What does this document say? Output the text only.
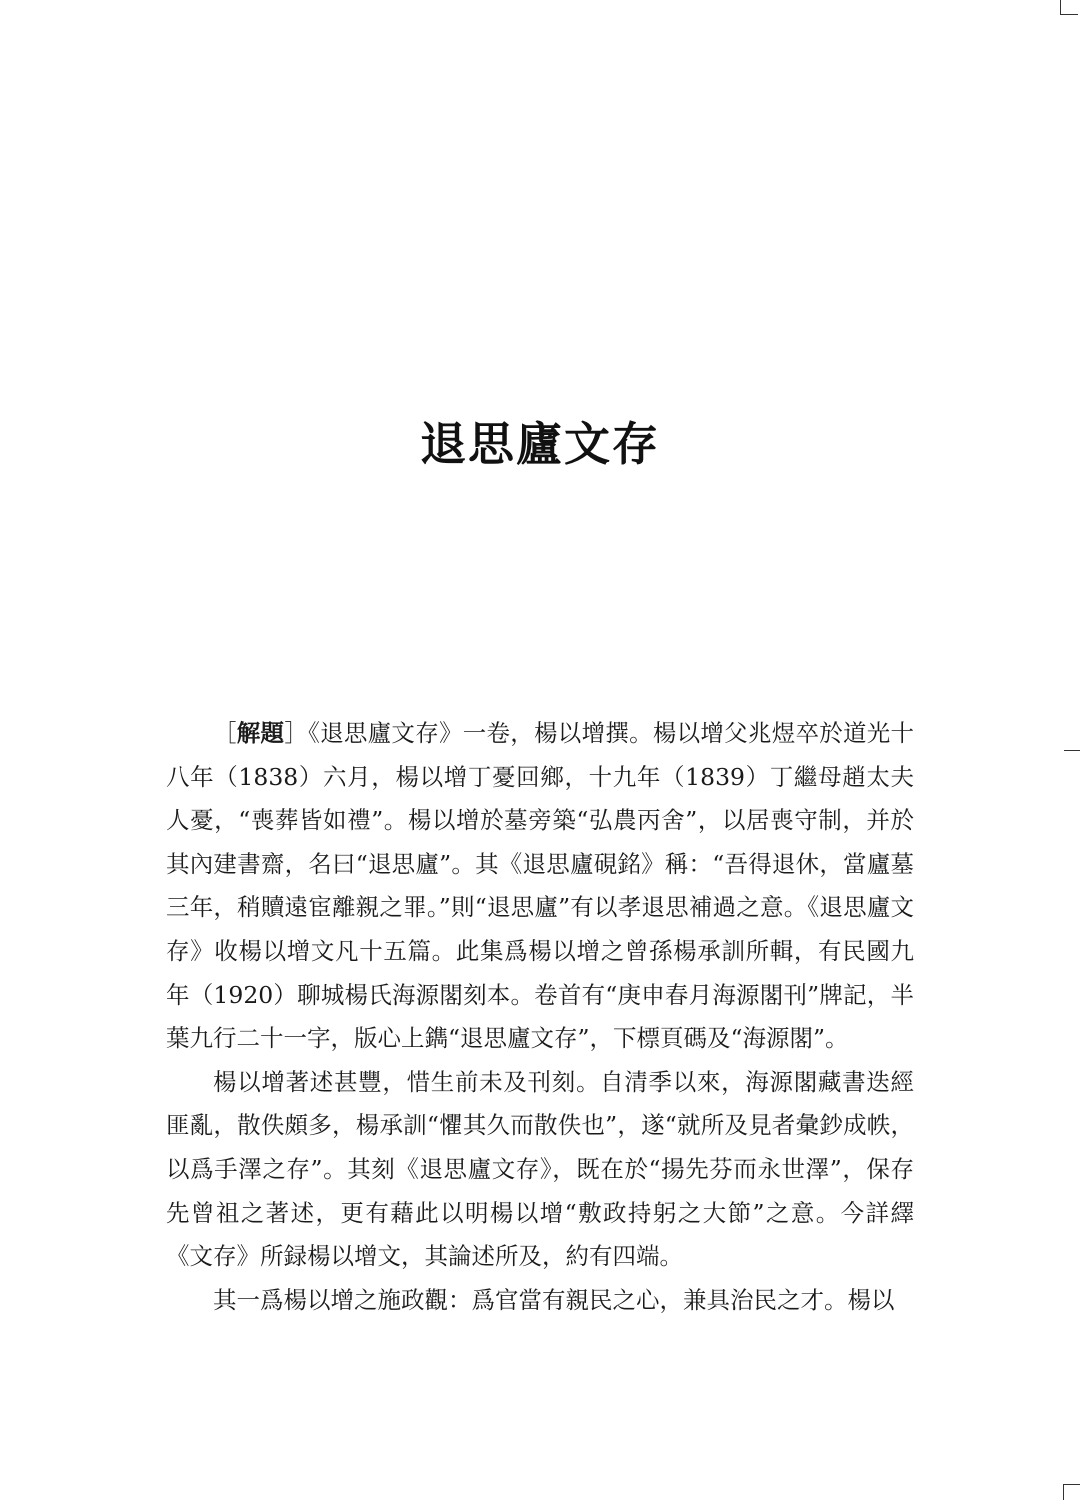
退思廬文存

［解題］《退思廬文存》一卷，楊以增撰。楊以增父兆煜卒於道光十八年（1838）六月，楊以增丁憂回鄉，十九年（1839）丁繼母趙太夫人憂，“喪葬皆如禮”。楊以增於墓旁築“弘農丙舍”，以居喪守制，并於其內建書齋，名曰“退思廬”。其《退思廬硯銘》稱：“吾得退休，當廬墓三年，稍贖遠宦離親之罪。”則“退思廬”有以孝退思補過之意。《退思廬文存》收楊以增文凡十五篇。此集爲楊以增之曾孫楊承訓所輯，有民國九年（1920）聊城楊氏海源閣刻本。卷首有“庚申春月海源閣刊”牌記，半葉九行二十一字，版心上鐫“退思廬文存”，下標頁碼及“海源閣”。

楊以增著述甚豐，惜生前未及刊刻。自清季以來，海源閣藏書迭經匪亂，散佚頗多，楊承訓“懼其久而散佚也”，遂“就所及見者彙鈔成帙，以爲手澤之存”。其刻《退思廬文存》，既在於“揚先芬而永世澤”，保存先曾祖之著述，更有藉此以明楊以增“敷政持躬之大節”之意。今詳繹《文存》所録楊以增文，其論述所及，約有四端。

其一爲楊以增之施政觀：爲官當有親民之心，兼具治民之才。楊以
